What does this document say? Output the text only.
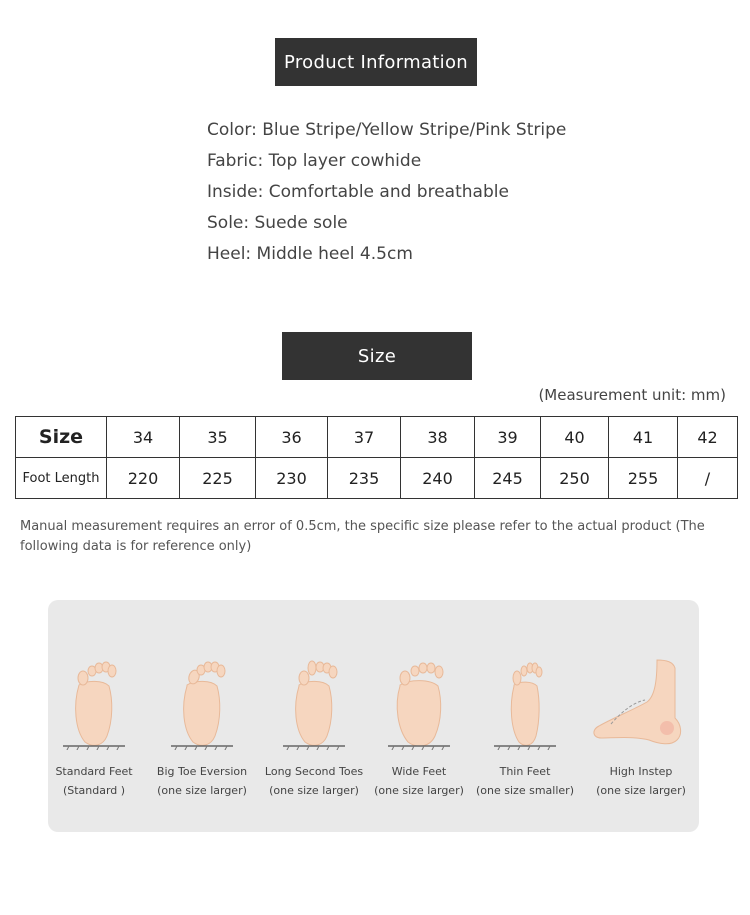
Product Information
Color: Blue Stripe/Yellow Stripe/Pink Stripe
Fabric: Top layer cowhide
Inside: Comfortable and breathable
Sole: Suede sole
Heel: Middle heel 4.5cm
Size
(Measurement unit: mm)
Size	34	35	36	37	38	39	40	41	42
Foot Length	220	225	230	235	240	245	250	255	/
Manual measurement requires an error of 0.5cm, the specific size please refer to the actual product (The following data is for reference only)
Standard Feet
(Standard )
Big Toe Eversion
(one size larger)
Long Second Toes
(one size larger)
Wide Feet
(one size larger)
Thin Feet
(one size smaller)
High Instep
(one size larger)
